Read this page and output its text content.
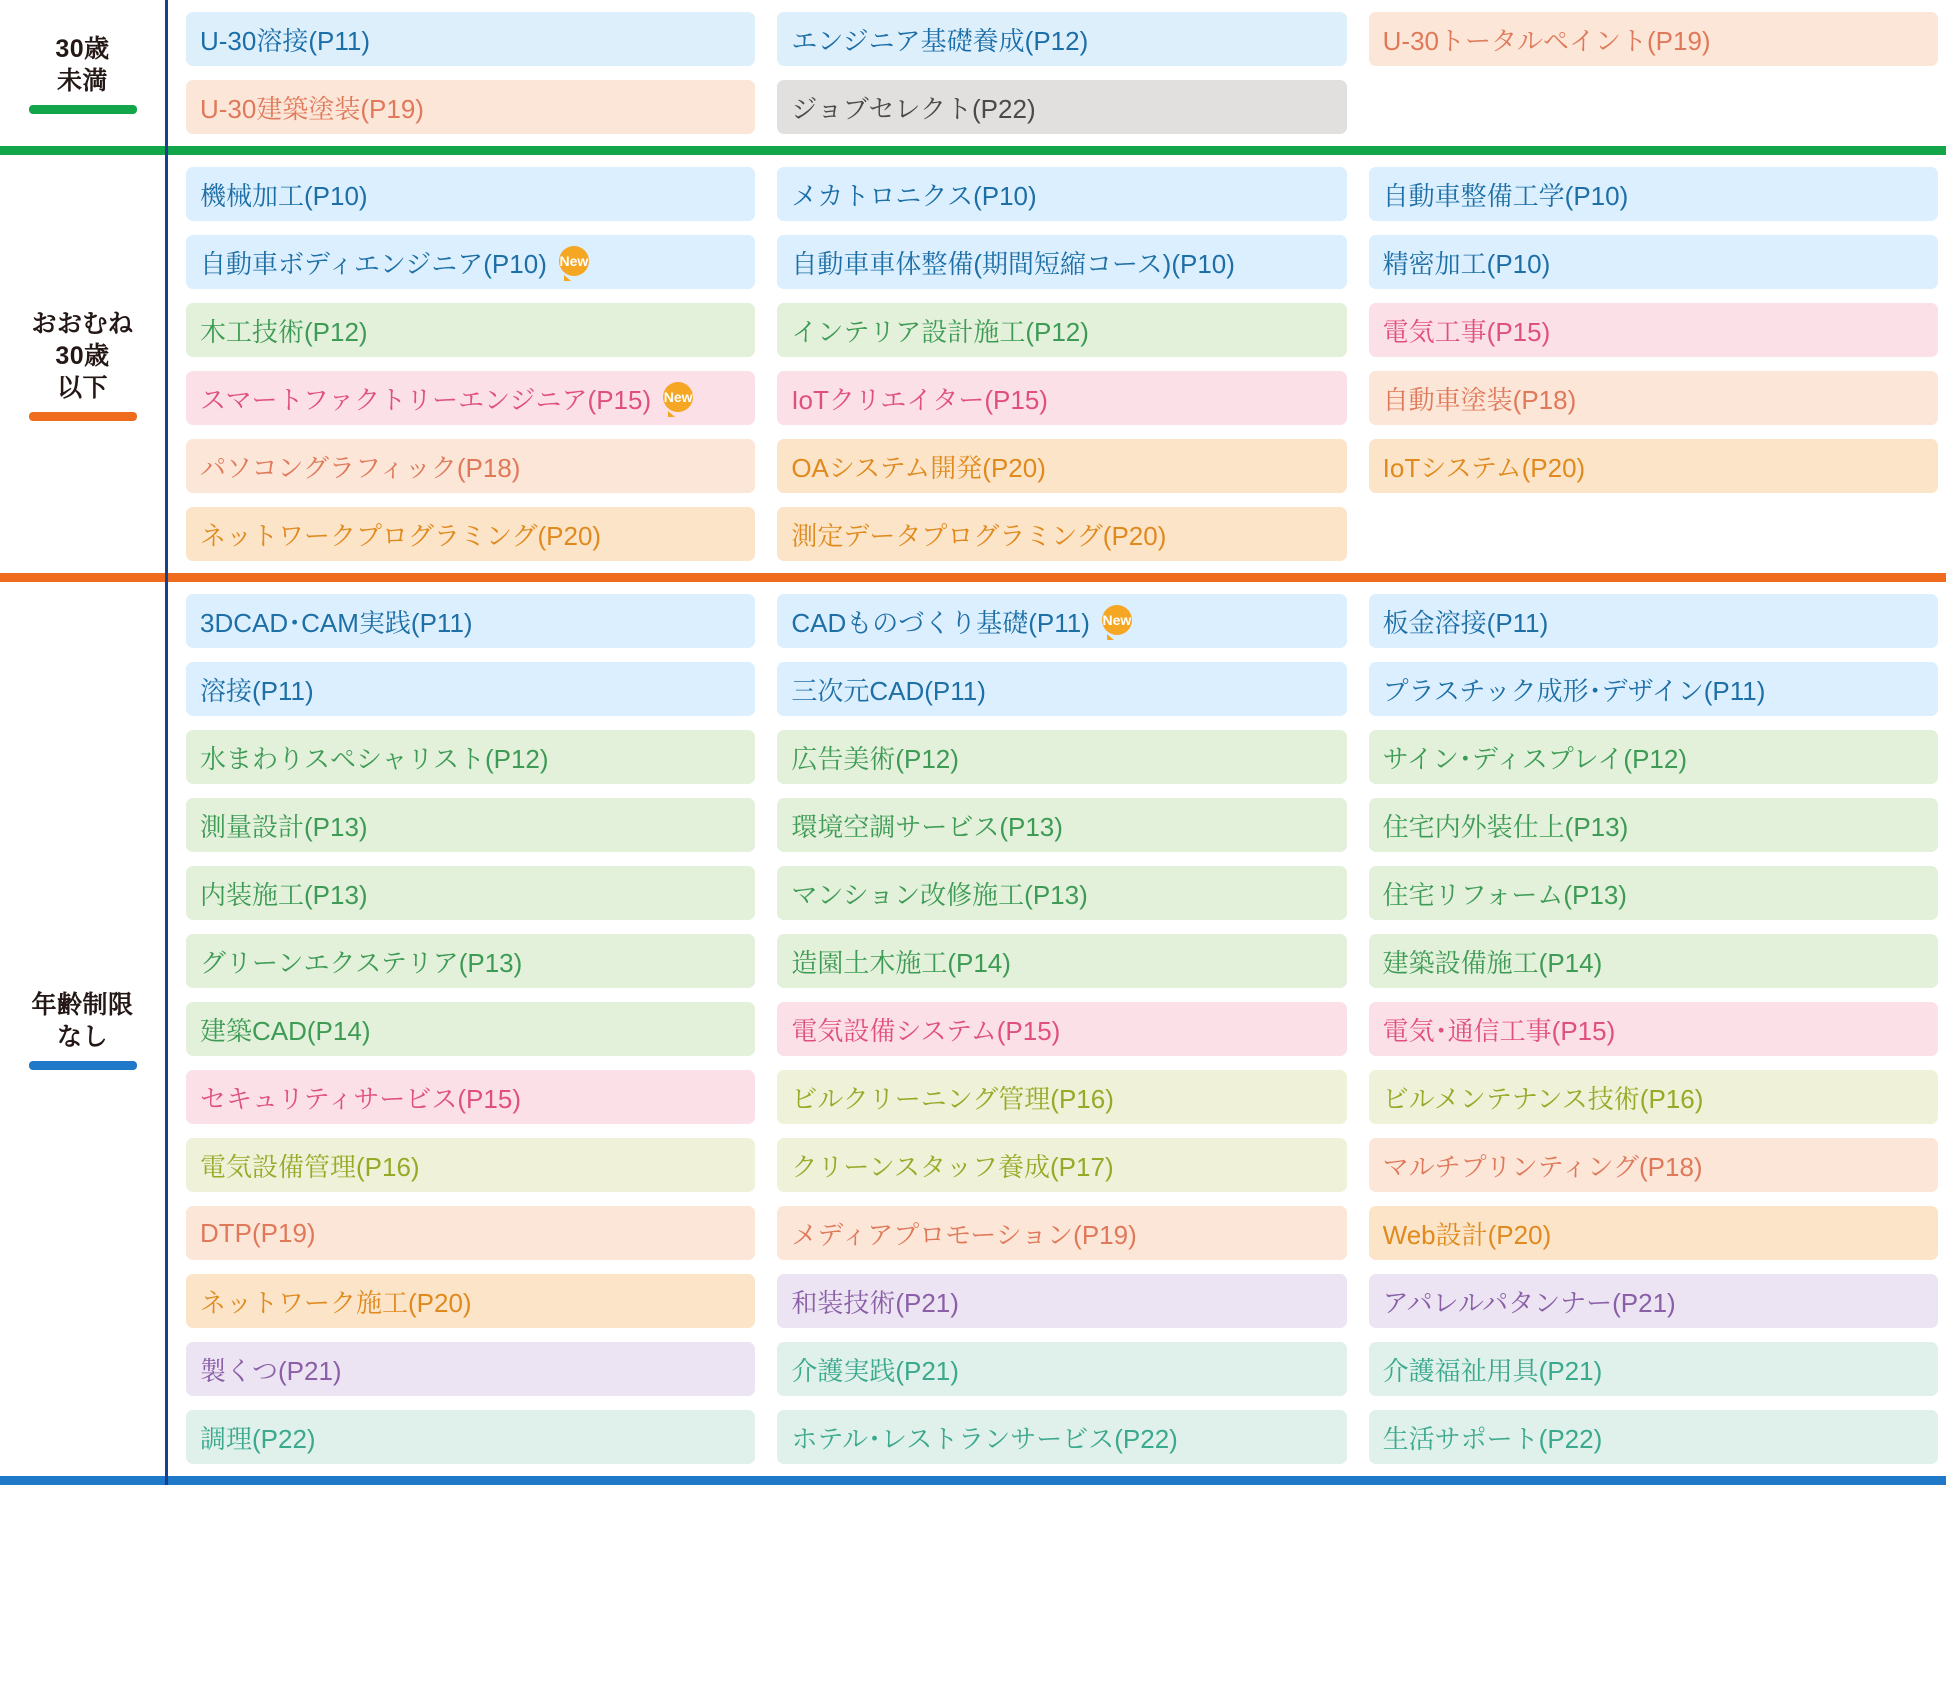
30歳
未満
U-30溶接(P11)	エンジニア基礎養成(P12)	U-30トータルペイント(P19)
U-30建築塗装(P19)	ジョブセレクト(P22)
おおむね
30歳
以下
機械加工(P10)	メカトロニクス(P10)	自動車整備工学(P10)
自動車ボディエンジニア(P10) New	自動車車体整備(期間短縮コース)(P10)	精密加工(P10)
木工技術(P12)	インテリア設計施工(P12)	電気工事(P15)
スマートファクトリーエンジニア(P15) New	IoTクリエイター(P15)	自動車塗装(P18)
パソコングラフィック(P18)	OAシステム開発(P20)	IoTシステム(P20)
ネットワークプログラミング(P20)	測定データプログラミング(P20)
年齢制限
なし
3DCAD･CAM実践(P11)	CADものづくり基礎(P11) New	板金溶接(P11)
溶接(P11)	三次元CAD(P11)	プラスチック成形･デザイン(P11)
水まわりスペシャリスト(P12)	広告美術(P12)	サイン･ディスプレイ(P12)
測量設計(P13)	環境空調サービス(P13)	住宅内外装仕上(P13)
内装施工(P13)	マンション改修施工(P13)	住宅リフォーム(P13)
グリーンエクステリア(P13)	造園土木施工(P14)	建築設備施工(P14)
建築CAD(P14)	電気設備システム(P15)	電気･通信工事(P15)
セキュリティサービス(P15)	ビルクリーニング管理(P16)	ビルメンテナンス技術(P16)
電気設備管理(P16)	クリーンスタッフ養成(P17)	マルチプリンティング(P18)
DTP(P19)	メディアプロモーション(P19)	Web設計(P20)
ネットワーク施工(P20)	和装技術(P21)	アパレルパタンナー(P21)
製くつ(P21)	介護実践(P21)	介護福祉用具(P21)
調理(P22)	ホテル･レストランサービス(P22)	生活サポート(P22)
